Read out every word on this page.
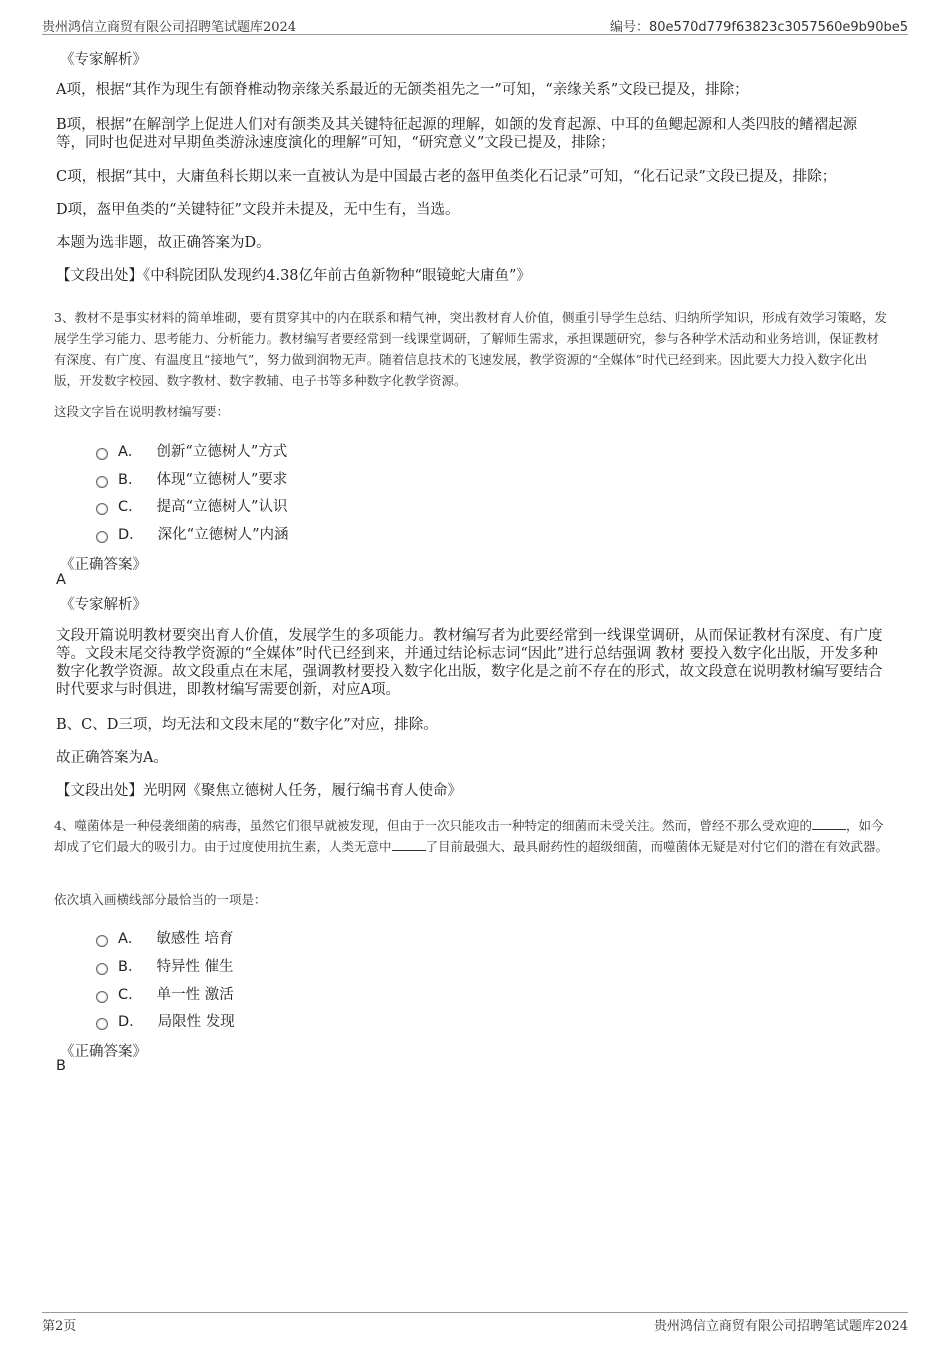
贵州鸿信立商贸有限公司招聘笔试题库2024	编号：80e570d779f63823c3057560e9b90be5

《专家解析》

A项，根据“其作为现生有颌脊椎动物亲缘关系最近的无颌类祖先之一”可知，“亲缘关系”文段已提及，排除；

B项，根据“在解剖学上促进人们对有颌类及其关键特征起源的理解，如颌的发育起源、中耳的鱼鳃起源和人类四肢的鳍褶起源等，同时也促进对早期鱼类游泳速度演化的理解”可知，“研究意义”文段已提及，排除；

C项，根据“其中，大庸鱼科长期以来一直被认为是中国最古老的盔甲鱼类化石记录”可知，“化石记录”文段已提及，排除；

D项，盔甲鱼类的“关键特征”文段并未提及，无中生有，当选。

本题为选非题，故正确答案为D。

【文段出处】《中科院团队发现约4.38亿年前古鱼新物种“眼镜蛇大庸鱼”》

3、教材不是事实材料的简单堆砌，要有贯穿其中的内在联系和精气神，突出教材育人价值，侧重引导学生总结、归纳所学知识，形成有效学习策略，发展学生学习能力、思考能力、分析能力。教材编写者要经常到一线课堂调研，了解师生需求，承担课题研究，参与各种学术活动和业务培训，保证教材有深度、有广度、有温度且“接地气”，努力做到润物无声。随着信息技术的飞速发展，教学资源的“全媒体”时代已经到来。因此要大力投入数字化出版，开发数字校园、数字教材、数字教辅、电子书等多种数字化教学资源。

这段文字旨在说明教材编写要：

A． 创新“立德树人”方式
B． 体现“立德树人”要求
C． 提高“立德树人”认识
D． 深化“立德树人”内涵

《正确答案》

A

《专家解析》

文段开篇说明教材要突出育人价值，发展学生的多项能力。教材编写者为此要经常到一线课堂调研，从而保证教材有深度、有广度等。文段末尾交待教学资源的“全媒体”时代已经到来，并通过结论标志词“因此”进行总结强调 教材 要投入数字化出版，开发多种数字化教学资源。故文段重点在末尾，强调教材要投入数字化出版，数字化是之前不存在的形式，故文段意在说明教材编写要结合时代要求与时俱进，即教材编写需要创新，对应A项。

B、C、D三项，均无法和文段末尾的“数字化”对应，排除。

故正确答案为A。

【文段出处】光明网《聚焦立德树人任务，履行编书育人使命》

4、噬菌体是一种侵袭细菌的病毒，虽然它们很早就被发现，但由于一次只能攻击一种特定的细菌而未受关注。然而，曾经不那么受欢迎的	，如今却成了它们最大的吸引力。由于过度使用抗生素，人类无意中	了目前最强大、最具耐药性的超级细菌，而噬菌体无疑是对付它们的潜在有效武器。

依次填入画横线部分最恰当的一项是：

A． 敏感性 培育
B． 特异性 催生
C． 单一性 激活
D． 局限性 发现

《正确答案》

B

第2页	贵州鸿信立商贸有限公司招聘笔试题库2024
